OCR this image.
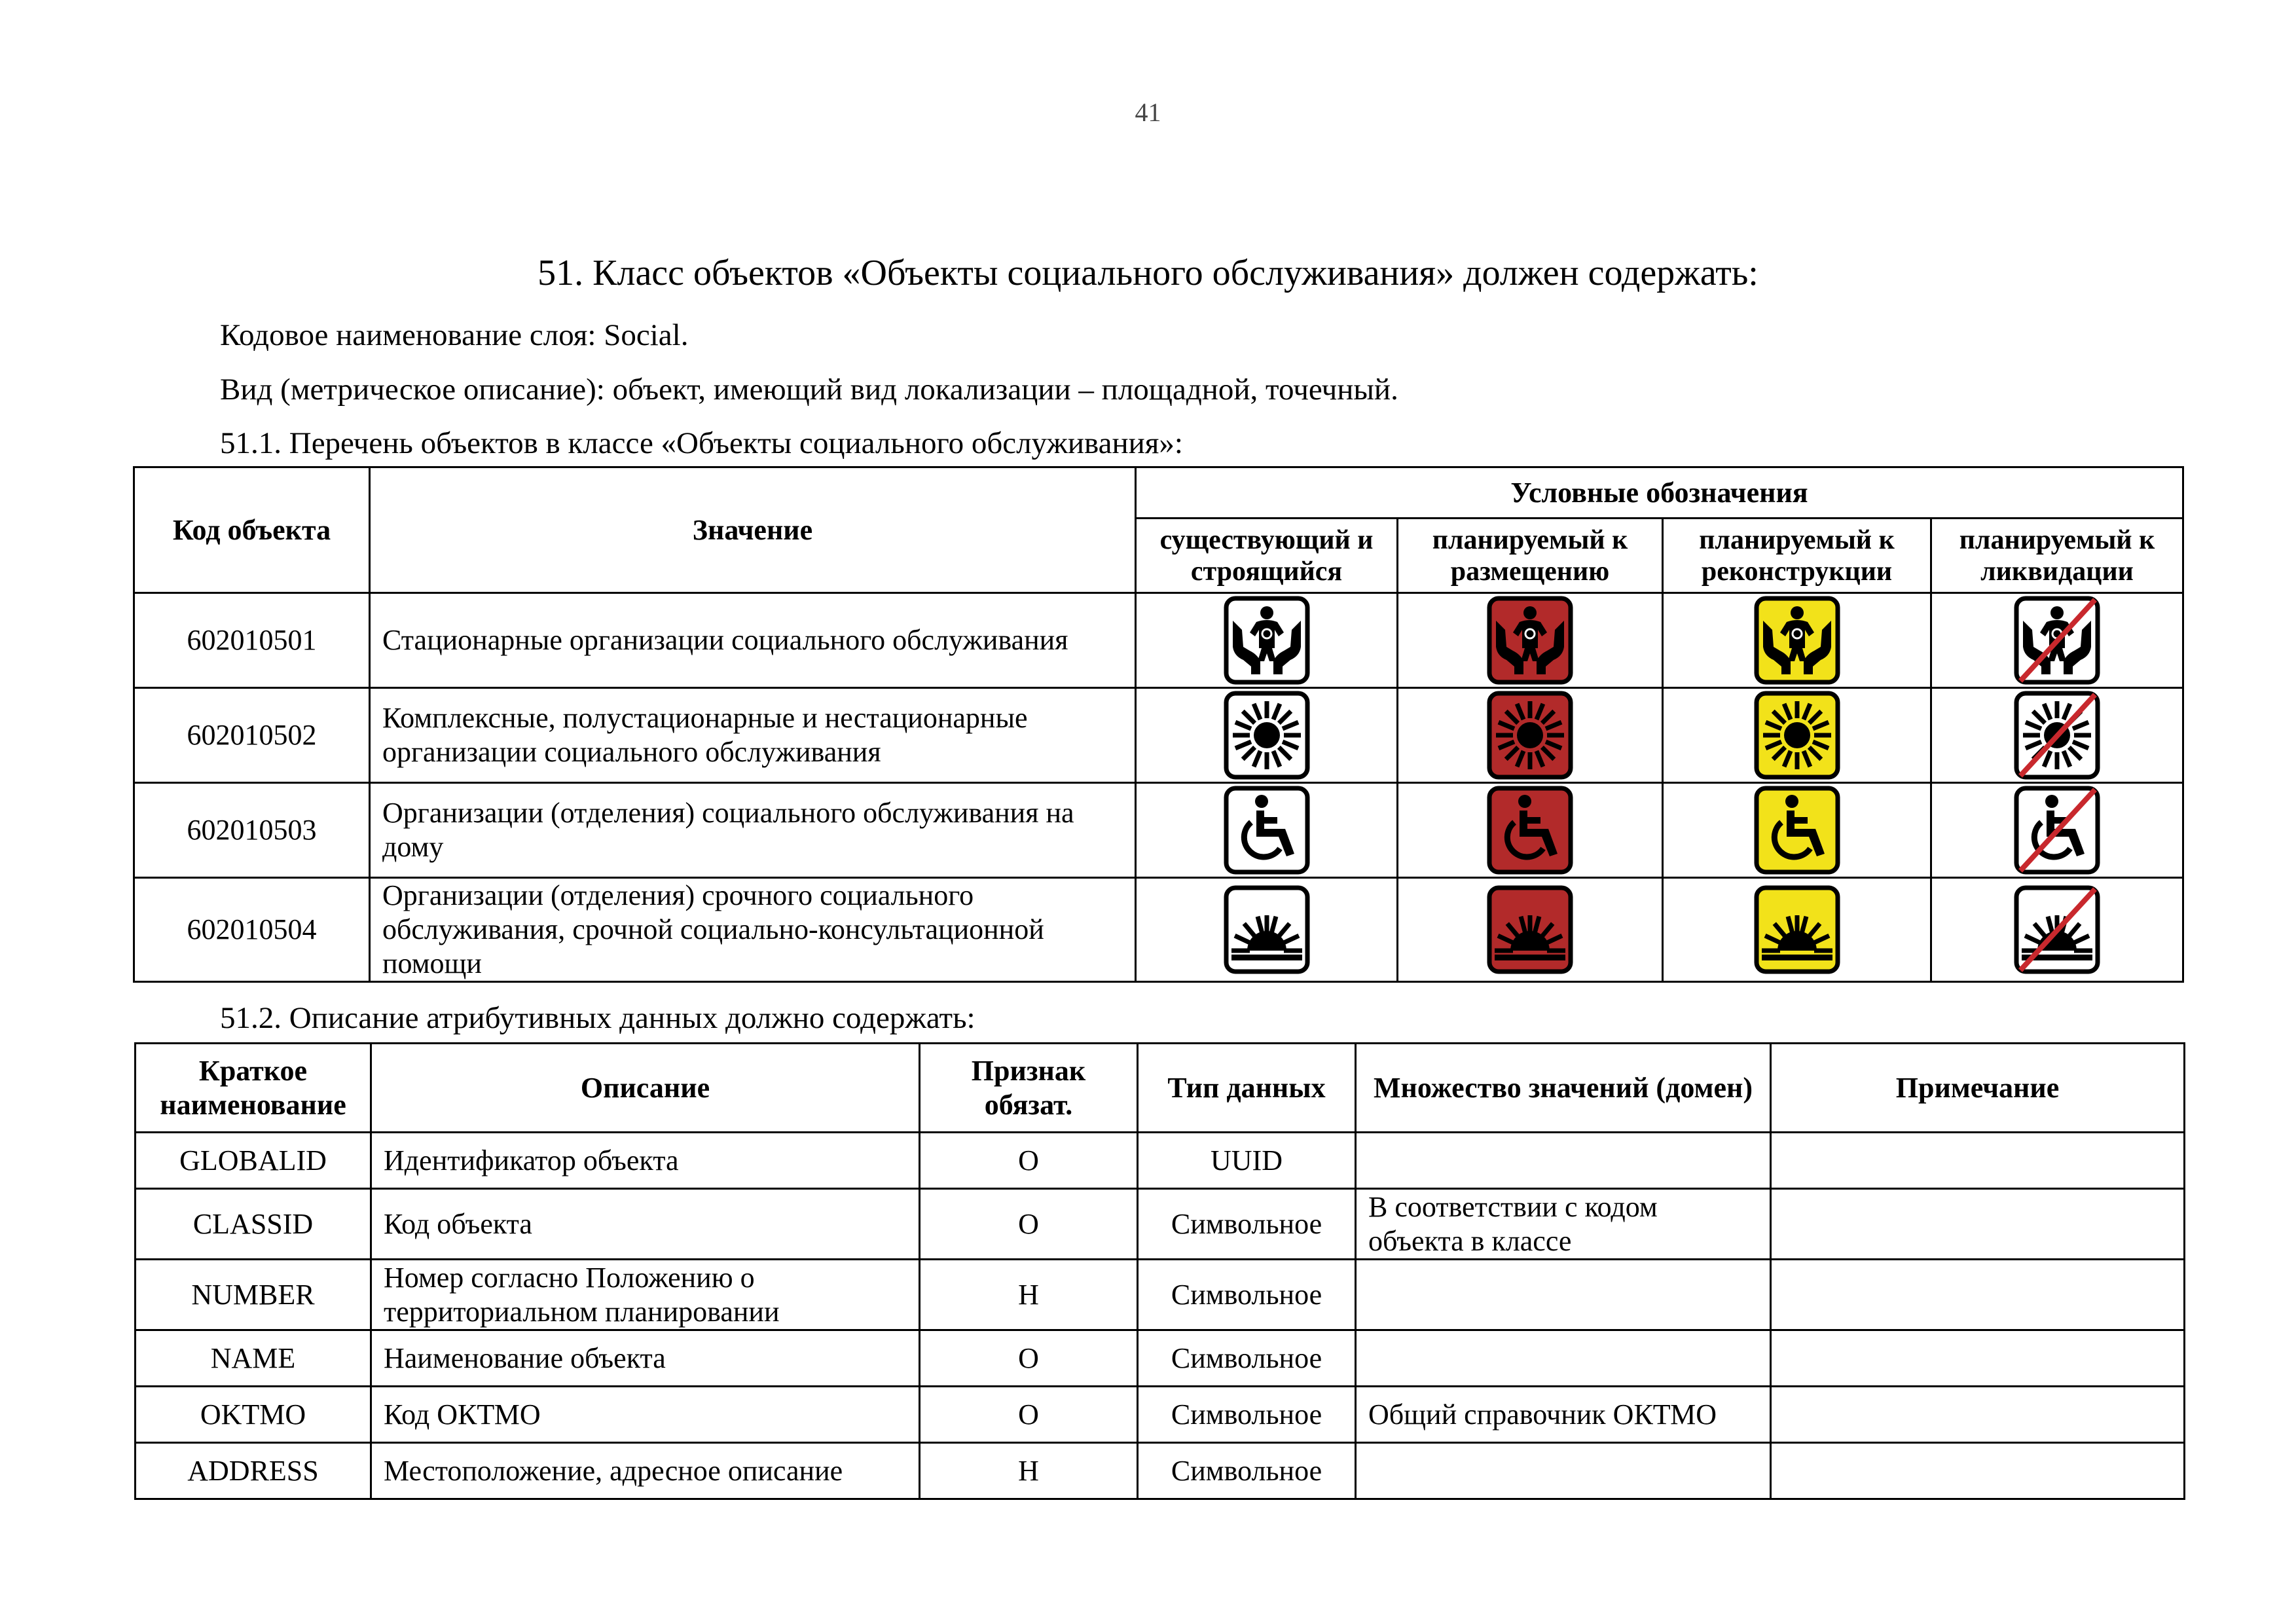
41
51. Класс объектов «Объекты социального обслуживания» должен содержать:
Кодовое наименование слоя: Social.
Вид (метрическое описание): объект, имеющий вид локализации – площадной, точечный.
51.1. Перечень объектов в классе «Объекты социального обслуживания»:
Код объекта	Значение	Условные обозначения			
		существующий и строящийся	планируемый к размещению	планируемый к реконструкции	планируемый к ликвидации
602010501	Стационарные организации социального обслуживания	

602010502	Комплексные, полустационарные и нестационарные организации социального обслуживания	

602010503	Организации (отделения) социального обслуживания на дому	

602010504	Организации (отделения) срочного социального обслуживания, срочной социально-консультационной помощи	

51.2. Описание атрибутивных данных должно содержать:
Краткое наименование	Описание	Признак обязат.	Тип данных	Множество значений (домен)	Примечание
GLOBALID	Идентификатор объекта	О	UUID		
CLASSID	Код объекта	О	Символьное	В соответствии с кодом объекта в классе	
NUMBER	Номер согласно Положению о территориальном планировании	Н	Символьное		
NAME	Наименование объекта	О	Символьное		
OKTMO	Код ОКТМО	О	Символьное	Общий справочник ОКТМО	
ADDRESS	Местоположение, адресное описание	Н	Символьное		
